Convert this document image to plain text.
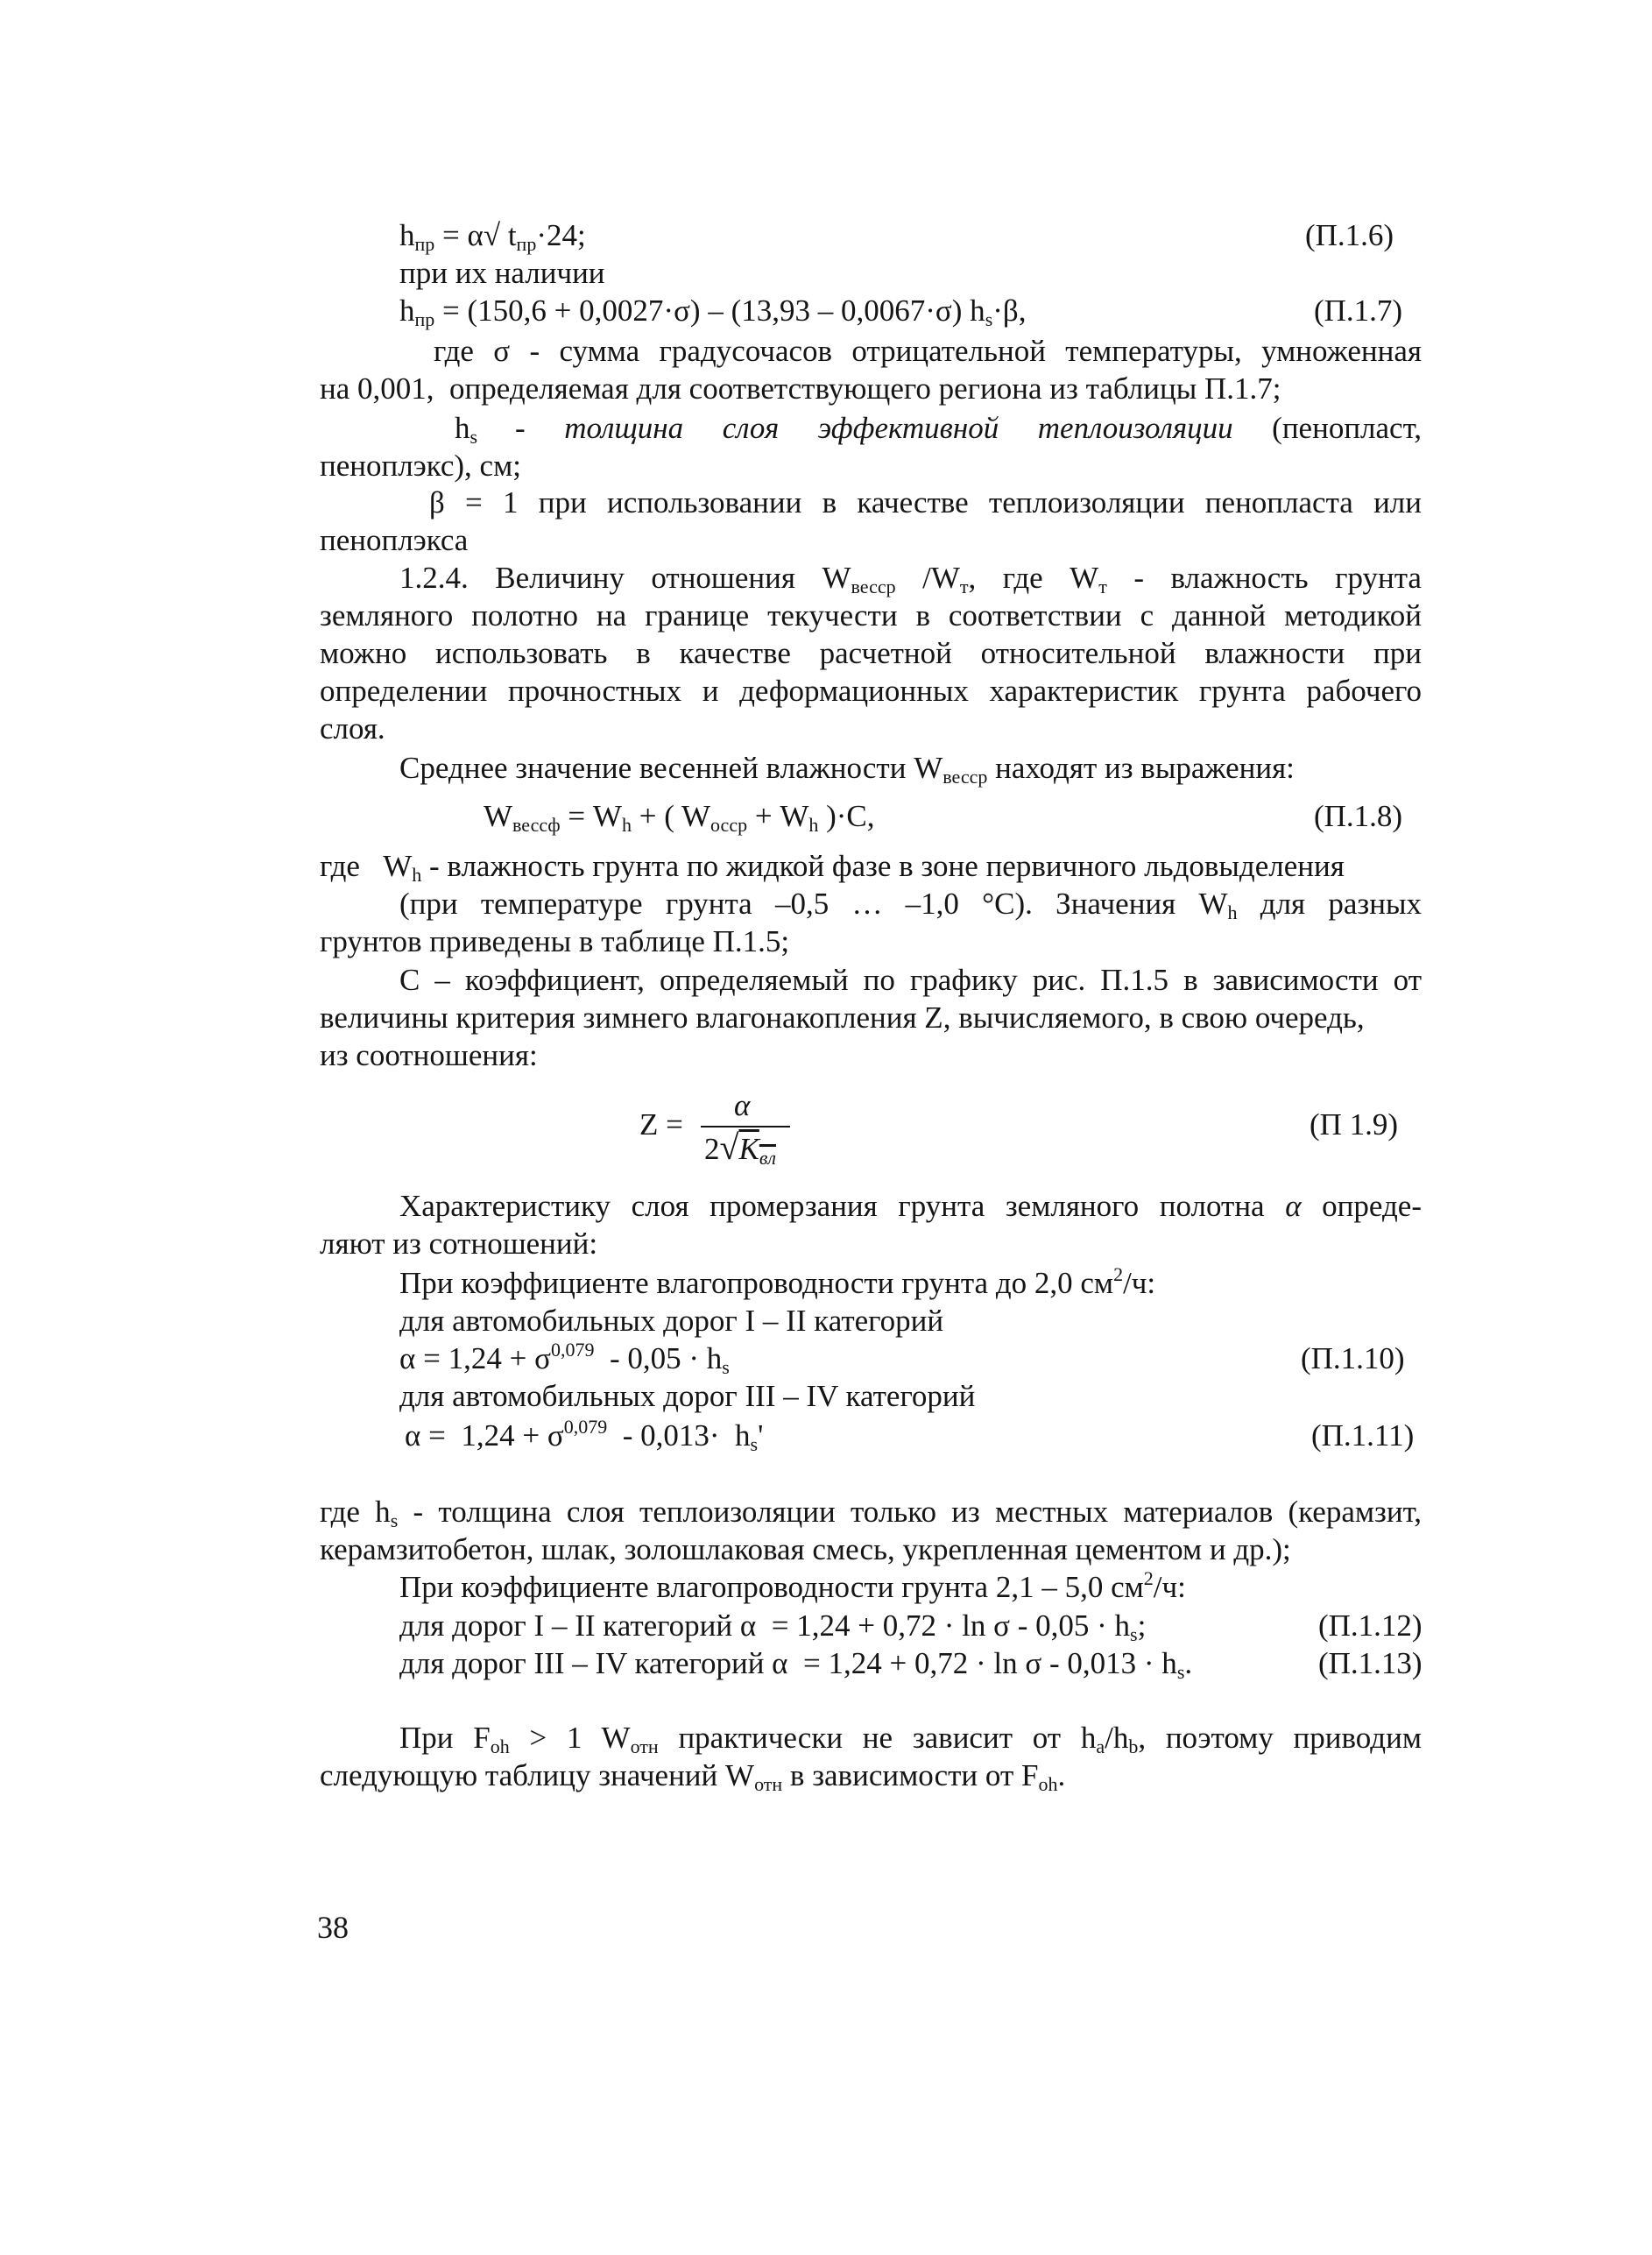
$h_{пр} = \alpha√$ $t_{пр}\cdot 24$;	(П.1.6)
при их наличии
$h_{пр} = (150,6 + 0,0027\cdot\sigma) - (13,93 - 0,0067\cdot\sigma)$ $h_s\cdot\beta$,	(П.1.7)
где σ - сумма градусочасов отрицательной температуры, умноженная
на 0,001,  определяемая для соответствующего региона из таблицы П.1.7;
$h_s$ - толщина слоя эффективной теплоизоляции (пенопласт,
пеноплэкс), см;
β = 1 при использовании в качестве теплоизоляции пенопласта или
пеноплэкса
1.2.4. Величину отношения $W_{весср}$ $/W_т$, где $W_т$ - влажность грунта
земляного полотно на границе текучести в соответствии с данной методикой
можно использовать в качестве расчетной относительной влажности при
определении прочностных и деформационных характеристик грунта рабочего
слоя.
Среднее значение весенней влажности $W_{весср}$ находят из выражения:
$W_{вессф} = W_h$ + ( $W_{осср} + W_h$ )·C,	(П.1.8)
где   $W_h$ - влажность грунта по жидкой фазе в зоне первичного льдовыделения
(при температуре грунта –0,5 … –1,0 °C). Значения $W_h$ для разных
грунтов приведены в таблице П.1.5;
C – коэффициент, определяемый по графику рис. П.1.5 в зависимости от
величины критерия зимнего влагонакопления Z, вычисляемого, в свою очередь,
из соотношения:
Z =
α
$2√K_{вл}$
(П 1.9)
Характеристику слоя промерзания грунта земляного полотна α опреде-
ляют из сотношений:
При коэффициенте влагопроводности грунта до 2,0 $см^2/ч$:
для автомобильных дорог I – II категорий
$\alpha = 1,24 + \sigma^{0,079} - 0,05 \cdot h_s$	(П.1.10)
для автомобильных дорог III – IV категорий
$\alpha = 1,24 + \sigma^{0,079} - 0,013\cdot h_s'$	(П.1.11)
где $h_s$ - толщина слоя теплоизоляции только из местных материалов (керамзит,
керамзитобетон, шлак, золошлаковая смесь, укрепленная цементом и др.);
При коэффициенте влагопроводности грунта 2,1 – 5,0 $см^2/ч$:
для дорог I – II категорий $\alpha = 1,24 + 0,72 \cdot \ln \sigma - 0,05 \cdot h_s$;	(П.1.12)
для дорог III – IV категорий $\alpha = 1,24 + 0,72 \cdot \ln \sigma - 0,013 \cdot h_s$.	(П.1.13)
При $F_{oh} > 1$ $W_{отн}$ практически не зависит от $h_a/h_b$, поэтому приводим
следующую таблицу значений $W_{отн}$ в зависимости от $F_{oh}$.
38
